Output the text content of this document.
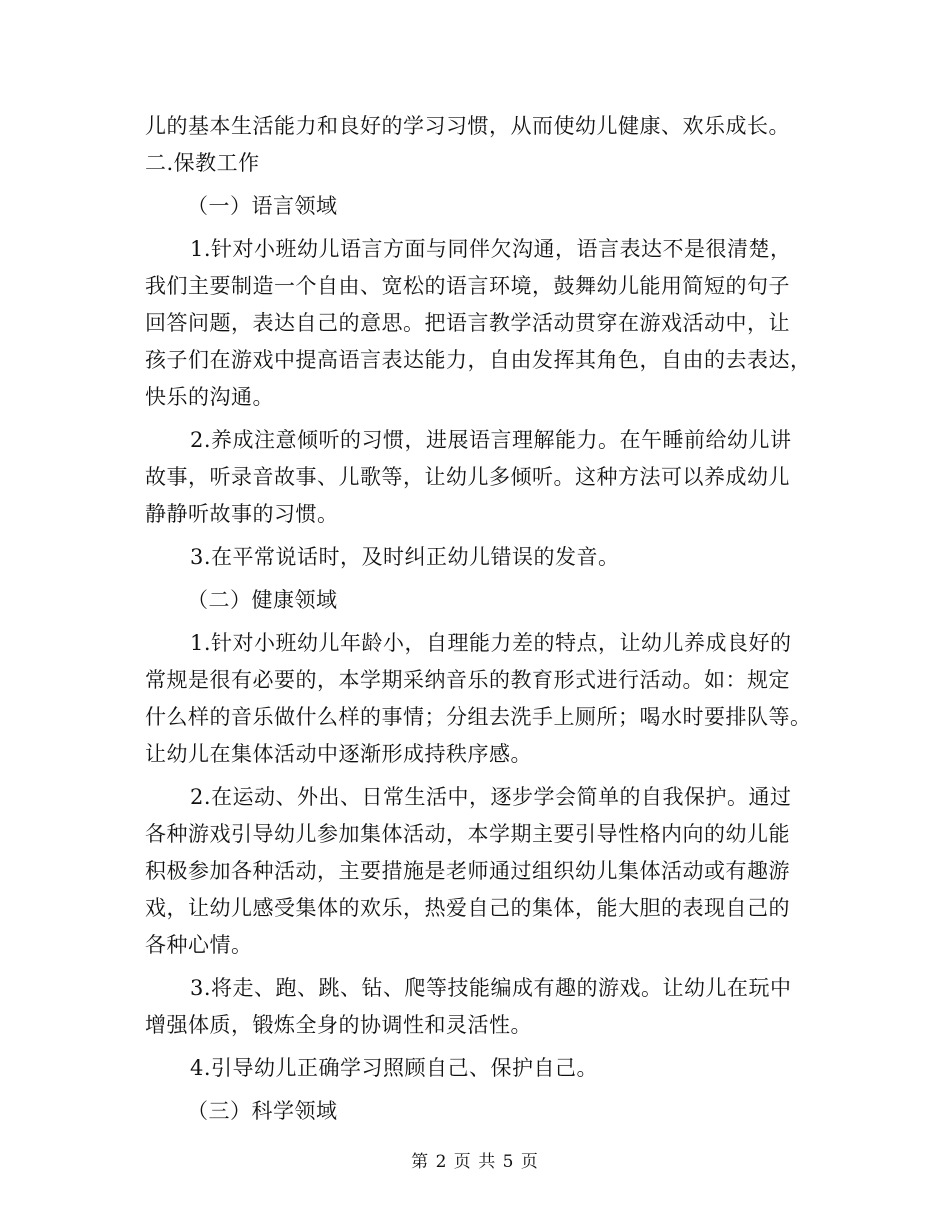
儿的基本生活能力和良好的学习习惯，从而使幼儿健康、欢乐成长。
二.保教工作
（一）语言领域
1.针对小班幼儿语言方面与同伴欠沟通，语言表达不是很清楚，
我们主要制造一个自由、宽松的语言环境，鼓舞幼儿能用简短的句子
回答问题，表达自己的意思。把语言教学活动贯穿在游戏活动中，让
孩子们在游戏中提高语言表达能力，自由发挥其角色，自由的去表达，
快乐的沟通。
2.养成注意倾听的习惯，进展语言理解能力。在午睡前给幼儿讲
故事，听录音故事、儿歌等，让幼儿多倾听。这种方法可以养成幼儿
静静听故事的习惯。
3.在平常说话时，及时纠正幼儿错误的发音。
（二）健康领域
1.针对小班幼儿年龄小，自理能力差的特点，让幼儿养成良好的
常规是很有必要的，本学期采纳音乐的教育形式进行活动。如：规定
什么样的音乐做什么样的事情；分组去洗手上厕所；喝水时要排队等。
让幼儿在集体活动中逐渐形成持秩序感。
2.在运动、外出、日常生活中，逐步学会简单的自我保护。通过
各种游戏引导幼儿参加集体活动，本学期主要引导性格内向的幼儿能
积极参加各种活动，主要措施是老师通过组织幼儿集体活动或有趣游
戏，让幼儿感受集体的欢乐，热爱自己的集体，能大胆的表现自己的
各种心情。
3.将走、跑、跳、钻、爬等技能编成有趣的游戏。让幼儿在玩中
增强体质，锻炼全身的协调性和灵活性。
4.引导幼儿正确学习照顾自己、保护自己。
（三）科学领域
第 2 页 共 5 页
